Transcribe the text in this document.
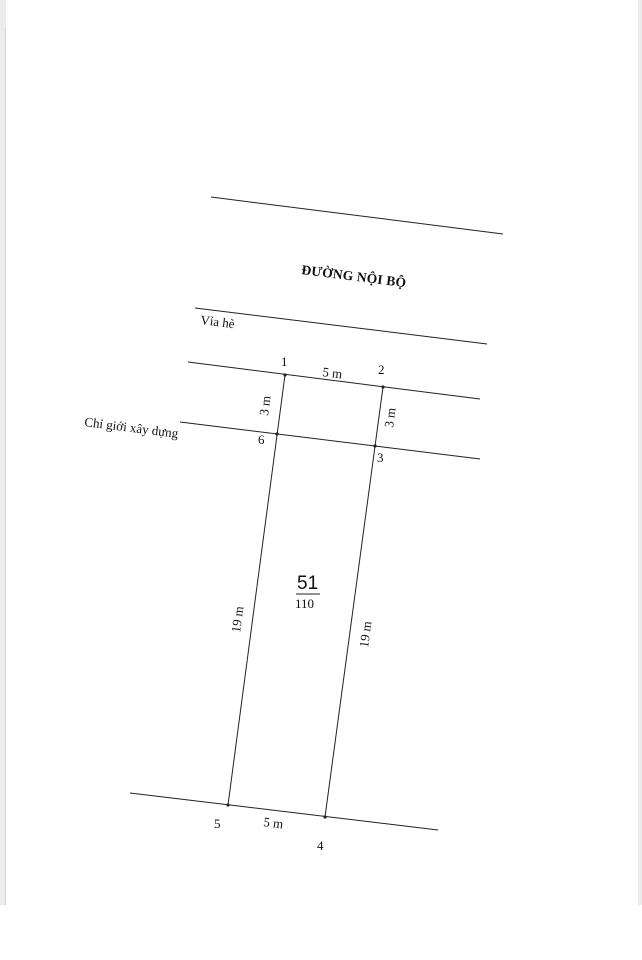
ĐƯỜNG NỘI BỘ
Vỉa hè
Chỉ giới xây dựng
1
2
3
4
5
6
5 m
5 m
3 m
3 m
19 m
19 m
51
110
